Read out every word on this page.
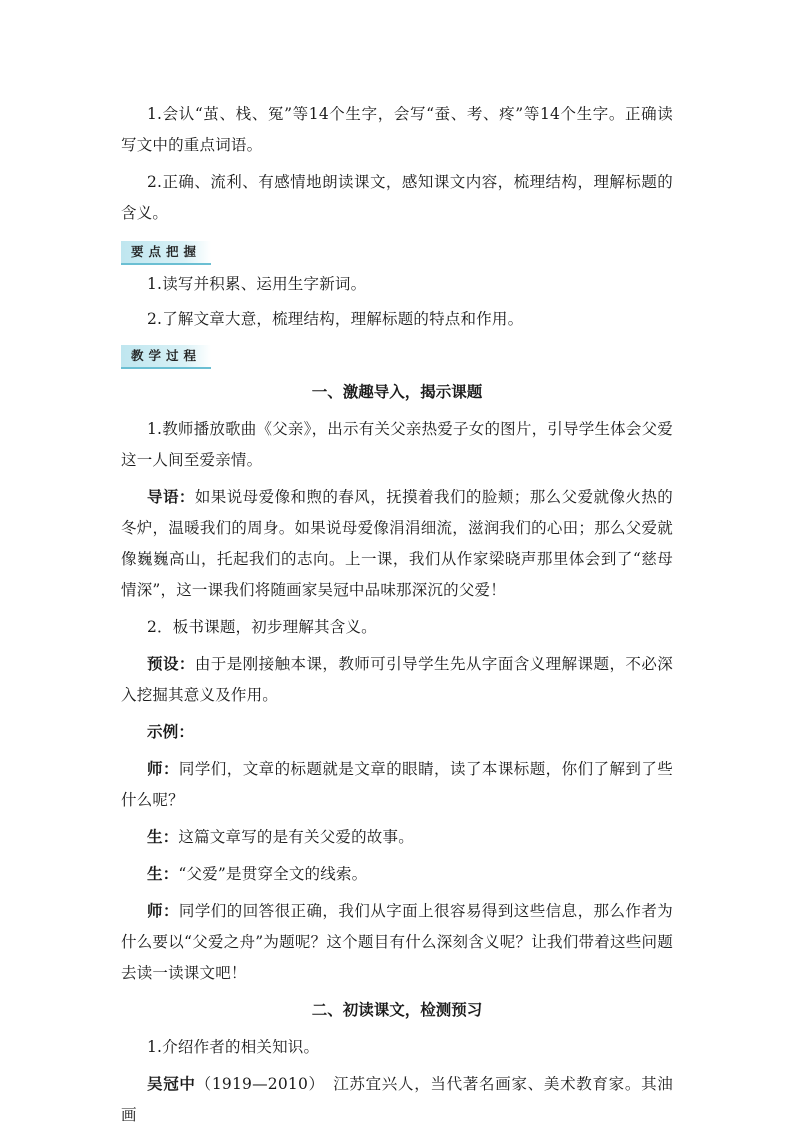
1.会认“茧、栈、冤”等14个生字，会写“蚕、考、疼”等14个生字。正确读写文中的重点词语。

2.正确、流利、有感情地朗读课文，感知课文内容，梳理结构，理解标题的含义。

要点把握

1.读写并积累、运用生字新词。

2.了解文章大意，梳理结构，理解标题的特点和作用。

教学过程
一、激趣导入，揭示课题

1.教师播放歌曲《父亲》，出示有关父亲热爱子女的图片，引导学生体会父爱这一人间至爱亲情。

导语：如果说母爱像和煦的春风，抚摸着我们的脸颊；那么父爱就像火热的冬炉，温暖我们的周身。如果说母爱像涓涓细流，滋润我们的心田；那么父爱就像巍巍高山，托起我们的志向。上一课，我们从作家梁晓声那里体会到了“慈母情深”，这一课我们将随画家吴冠中品味那深沉的父爱！

2．板书课题，初步理解其含义。

预设：由于是刚接触本课，教师可引导学生先从字面含义理解课题，不必深入挖掘其意义及作用。

示例：

师：同学们，文章的标题就是文章的眼睛，读了本课标题，你们了解到了些什么呢？

生：这篇文章写的是有关父爱的故事。

生：“父爱”是贯穿全文的线索。

师：同学们的回答很正确，我们从字面上很容易得到这些信息，那么作者为什么要以“父爱之舟”为题呢？这个题目有什么深刻含义呢？让我们带着这些问题去读一读课文吧！

二、初读课文，检测预习

1.介绍作者的相关知识。

吴冠中（1919—2010）　江苏宜兴人，当代著名画家、美术教育家。其油画
